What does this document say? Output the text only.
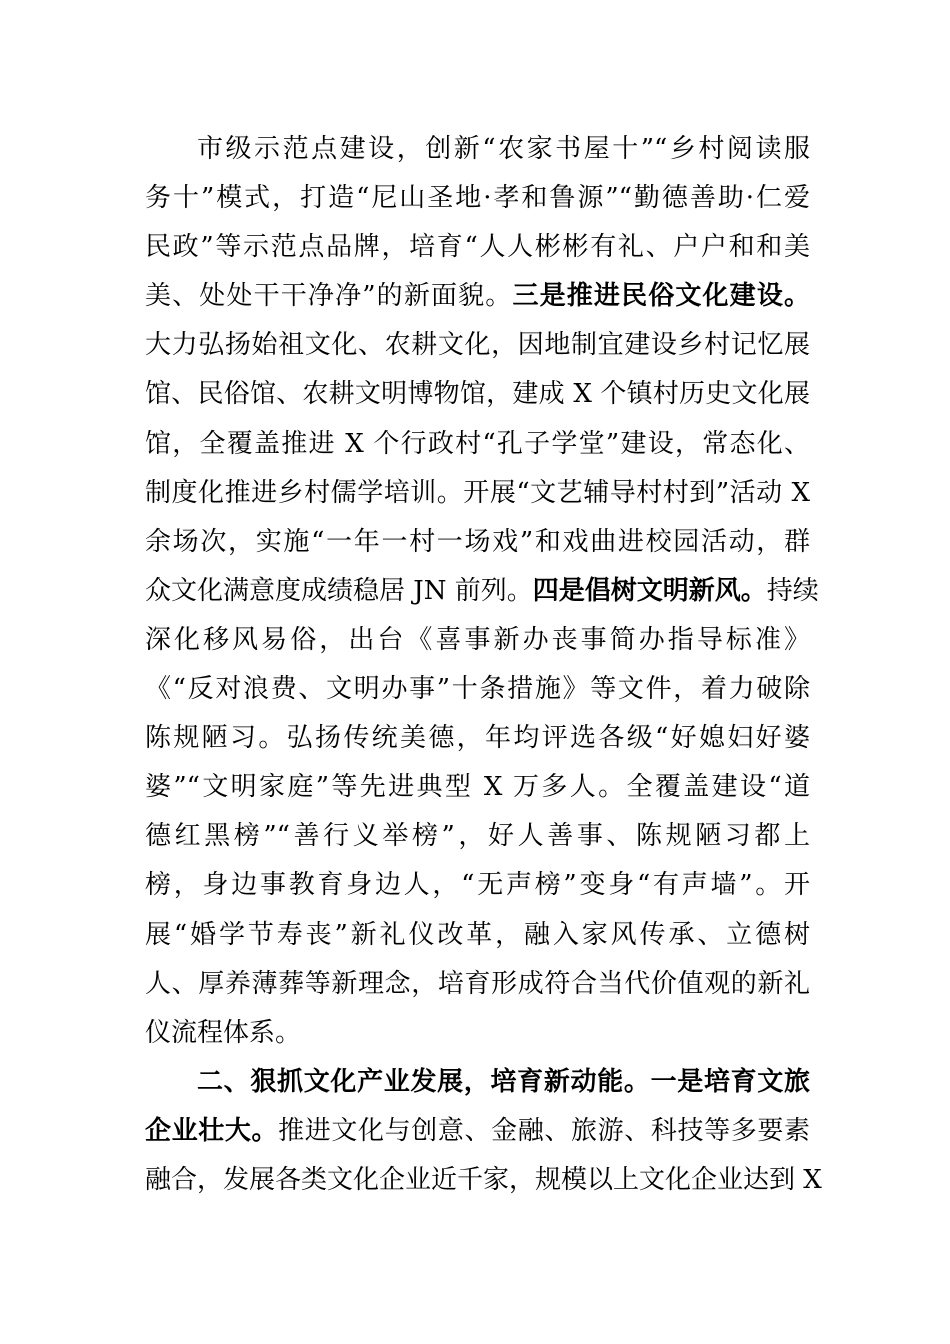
市级示范点建设，创新“农家书屋十”“乡村阅读服
务十”模式，打造“尼山圣地·孝和鲁源”“勤德善助·仁爱
民政”等示范点品牌，培育“人人彬彬有礼、户户和和美
美、处处干干净净”的新面貌。三是推进民俗文化建设。
大力弘扬始祖文化、农耕文化，因地制宜建设乡村记忆展
馆、民俗馆、农耕文明博物馆，建成 X 个镇村历史文化展
馆，全覆盖推进 X 个行政村“孔子学堂”建设，常态化、
制度化推进乡村儒学培训。开展“文艺辅导村村到”活动 X
余场次，实施“一年一村一场戏”和戏曲进校园活动，群
众文化满意度成绩稳居 JN 前列。四是倡树文明新风。持续
深化移风易俗，出台《喜事新办丧事简办指导标准》
《“反对浪费、文明办事”十条措施》等文件，着力破除
陈规陋习。弘扬传统美德，年均评选各级“好媳妇好婆
婆”“文明家庭”等先进典型 X 万多人。全覆盖建设“道
德红黑榜”“善行义举榜”，好人善事、陈规陋习都上
榜，身边事教育身边人，“无声榜”变身“有声墙”。开
展“婚学节寿丧”新礼仪改革，融入家风传承、立德树
人、厚养薄葬等新理念，培育形成符合当代价值观的新礼
仪流程体系。
二、狠抓文化产业发展，培育新动能。一是培育文旅
企业壮大。推进文化与创意、金融、旅游、科技等多要素
融合，发展各类文化企业近千家，规模以上文化企业达到 X
